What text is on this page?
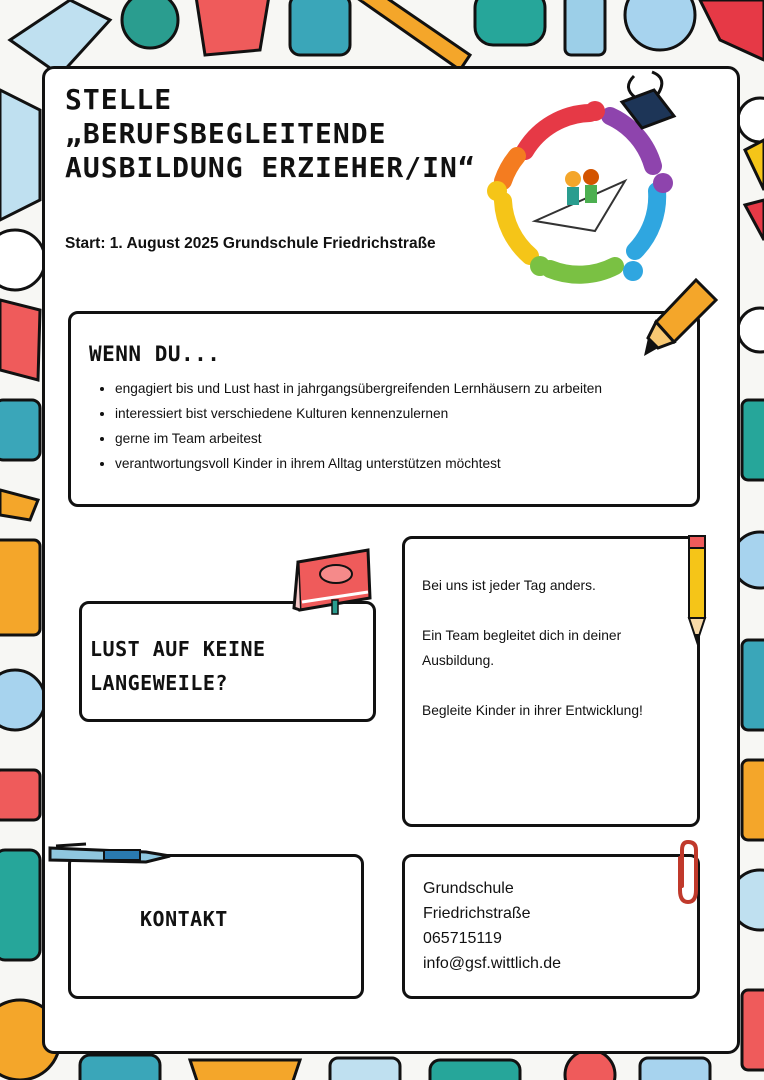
STELLE
„BERUFSBEGLEITENDE
AUSBILDUNG ERZIEHER/IN“
Start: 1. August 2025 Grundschule Friedrichstraße
WENN DU...
• engagiert bis und Lust hast in jahrgangsübergreifenden Lernhäusern zu arbeiten
• interessiert bist verschiedene Kulturen kennenzulernen
• gerne im Team arbeitest
• verantwortungsvoll Kinder in ihrem Alltag unterstützen möchtest
LUST AUF KEINE
LANGEWEILE?

Bei uns ist jeder Tag anders.

Ein Team begleitet dich in deiner Ausbildung.

Begleite Kinder in ihrer Entwicklung!

KONTAKT
Grundschule
Friedrichstraße
065715119
info@gsf.wittlich.de
